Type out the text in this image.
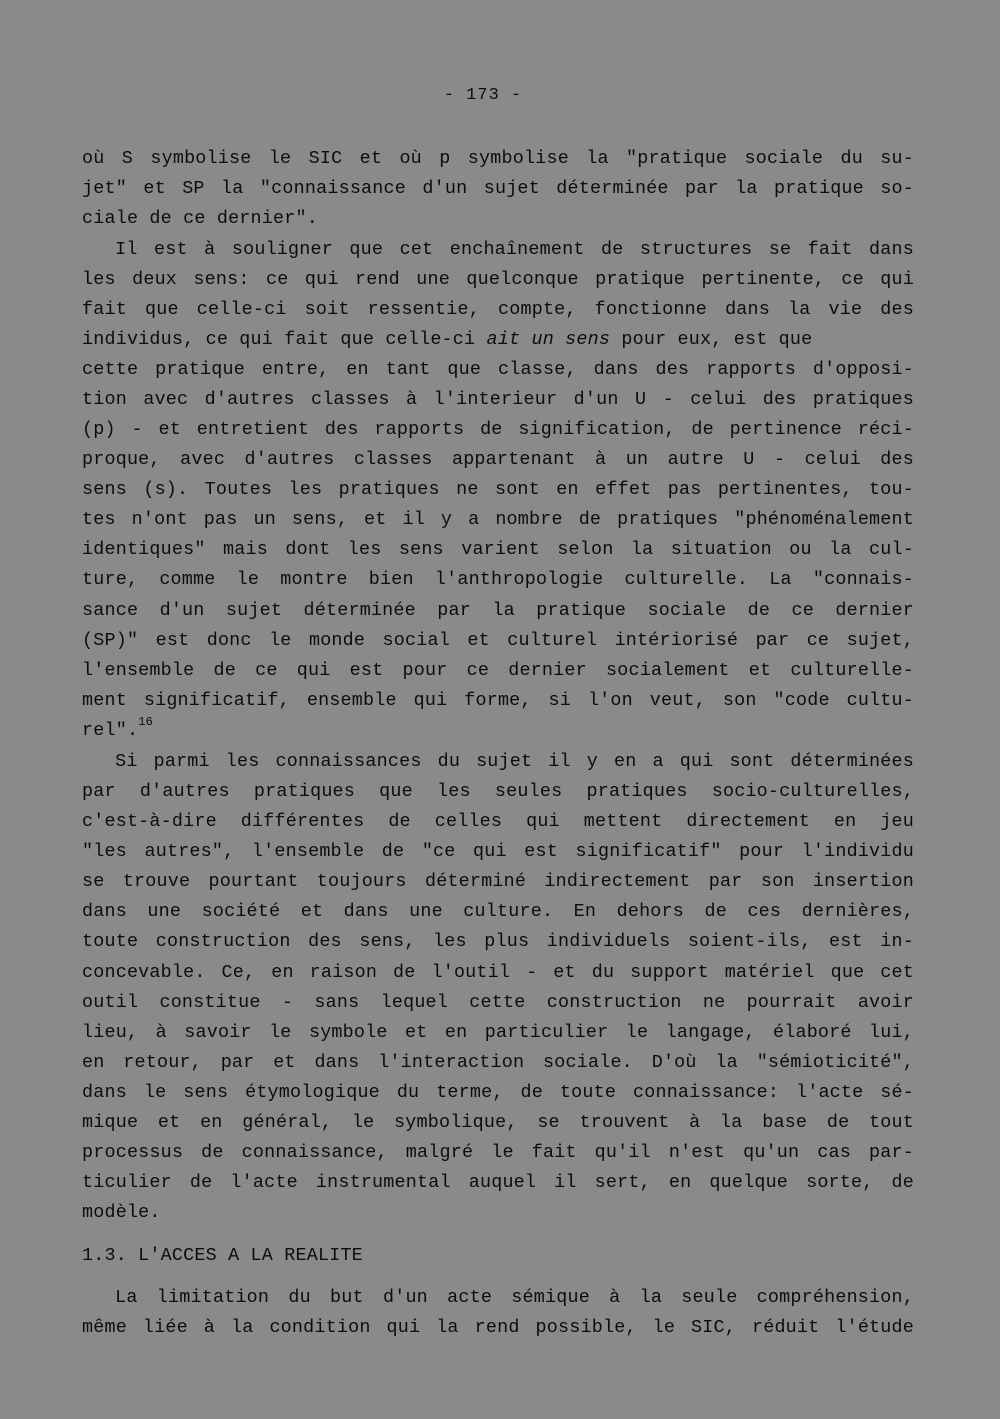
- 173 -
où S symbolise le SIC et où p symbolise la "pratique sociale du su-
jet" et SP la "connaissance d'un sujet déterminée par la pratique so-
ciale de ce dernier".
Il est à souligner que cet enchaînement de structures se fait dans
les deux sens: ce qui rend une quelconque pratique pertinente, ce qui
fait que celle-ci soit ressentie, compte, fonctionne dans la vie des
individus, ce qui fait que celle-ci ait un sens pour eux, est que
cette pratique entre, en tant que classe, dans des rapports d'opposi-
tion avec d'autres classes à l'interieur d'un U - celui des pratiques
(p) - et entretient des rapports de signification, de pertinence réci-
proque, avec d'autres classes appartenant à un autre U - celui des
sens (s). Toutes les pratiques ne sont en effet pas pertinentes, tou-
tes n'ont pas un sens, et il y a nombre de pratiques "phénoménalement
identiques" mais dont les sens varient selon la situation ou la cul-
ture, comme le montre bien l'anthropologie culturelle. La "connais-
sance d'un sujet déterminée par la pratique sociale de ce dernier
(SP)" est donc le monde social et culturel intériorisé par ce sujet,
l'ensemble de ce qui est pour ce dernier socialement et culturelle-
ment significatif, ensemble qui forme, si l'on veut, son "code cultu-
rel".$^{16}$
Si parmi les connaissances du sujet il y en a qui sont déterminées
par d'autres pratiques que les seules pratiques socio-culturelles,
c'est-à-dire différentes de celles qui mettent directement en jeu
"les autres", l'ensemble de "ce qui est significatif" pour l'individu
se trouve pourtant toujours déterminé indirectement par son insertion
dans une société et dans une culture. En dehors de ces dernières,
toute construction des sens, les plus individuels soient-ils, est in-
concevable. Ce, en raison de l'outil - et du support matériel que cet
outil constitue - sans lequel cette construction ne pourrait avoir
lieu, à savoir le symbole et en particulier le langage, élaboré lui,
en retour, par et dans l'interaction sociale. D'où la "sémioticité",
dans le sens étymologique du terme, de toute connaissance: l'acte sé-
mique et en général, le symbolique, se trouvent à la base de tout
processus de connaissance, malgré le fait qu'il n'est qu'un cas par-
ticulier de l'acte instrumental auquel il sert, en quelque sorte, de
modèle.
1.3. L'ACCES A LA REALITE
La limitation du but d'un acte sémique à la seule compréhension,
même liée à la condition qui la rend possible, le SIC, réduit l'étude
